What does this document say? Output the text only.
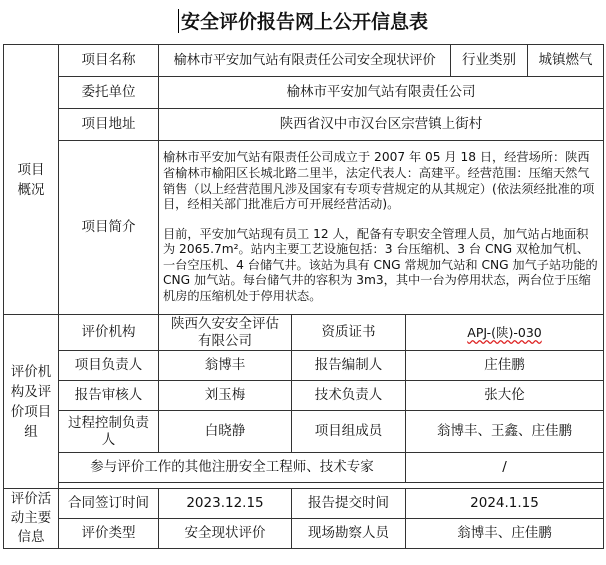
安全评价报告网上公开信息表
项目概况	项目名称	榆林市平安加气站有限责任公司安全现状评价			行业类别	城镇燃气
	委托单位	榆林市平安加气站有限责任公司				
	项目地址	陕西省汉中市汉台区宗营镇上街村				
	项目简介	榆林市平安加气站有限责任公司成立于 2007 年 05 月 18 日，经营场所：陕西省榆林市榆阳区长城北路二里半，法定代表人：高建平。经营范围：压缩天然气销售（以上经营范围凡涉及国家有专项专营规定的从其规定）(依法须经批准的项目，经相关部门批准后方可开展经营活动)。

目前，平安加气站现有员工 12 人，配备有专职安全管理人员，加气站占地面积为 2065.7m²。站内主要工艺设施包括：3 台压缩机、3 台 CNG 双枪加气机、一台空压机、4 台储气井。该站为具有 CNG 常规加气站和 CNG 加气子站功能的 CNG 加气站。每台储气井的容积为 3m3，其中一台为停用状态，两台位于压缩机房的压缩机处于停用状态。				

评价机构及评价项目组	评价机构	陕西久安安全评估有限公司	资质证书	APJ-(陕)-030		
	项目负责人	翁博丰	报告编制人	庄佳鹏		
	报告审核人	刘玉梅	技术负责人	张大伦		
	过程控制负责人	白晓静	项目组成员	翁博丰、王鑫、庄佳鹏		
	参与评价工作的其他注册安全工程师、技术专家			/		

评价活动主要信息	合同签订时间	2023.12.15	报告提交时间	2024.1.15		
	评价类型	安全现状评价	现场勘察人员	翁博丰、庄佳鹏		
